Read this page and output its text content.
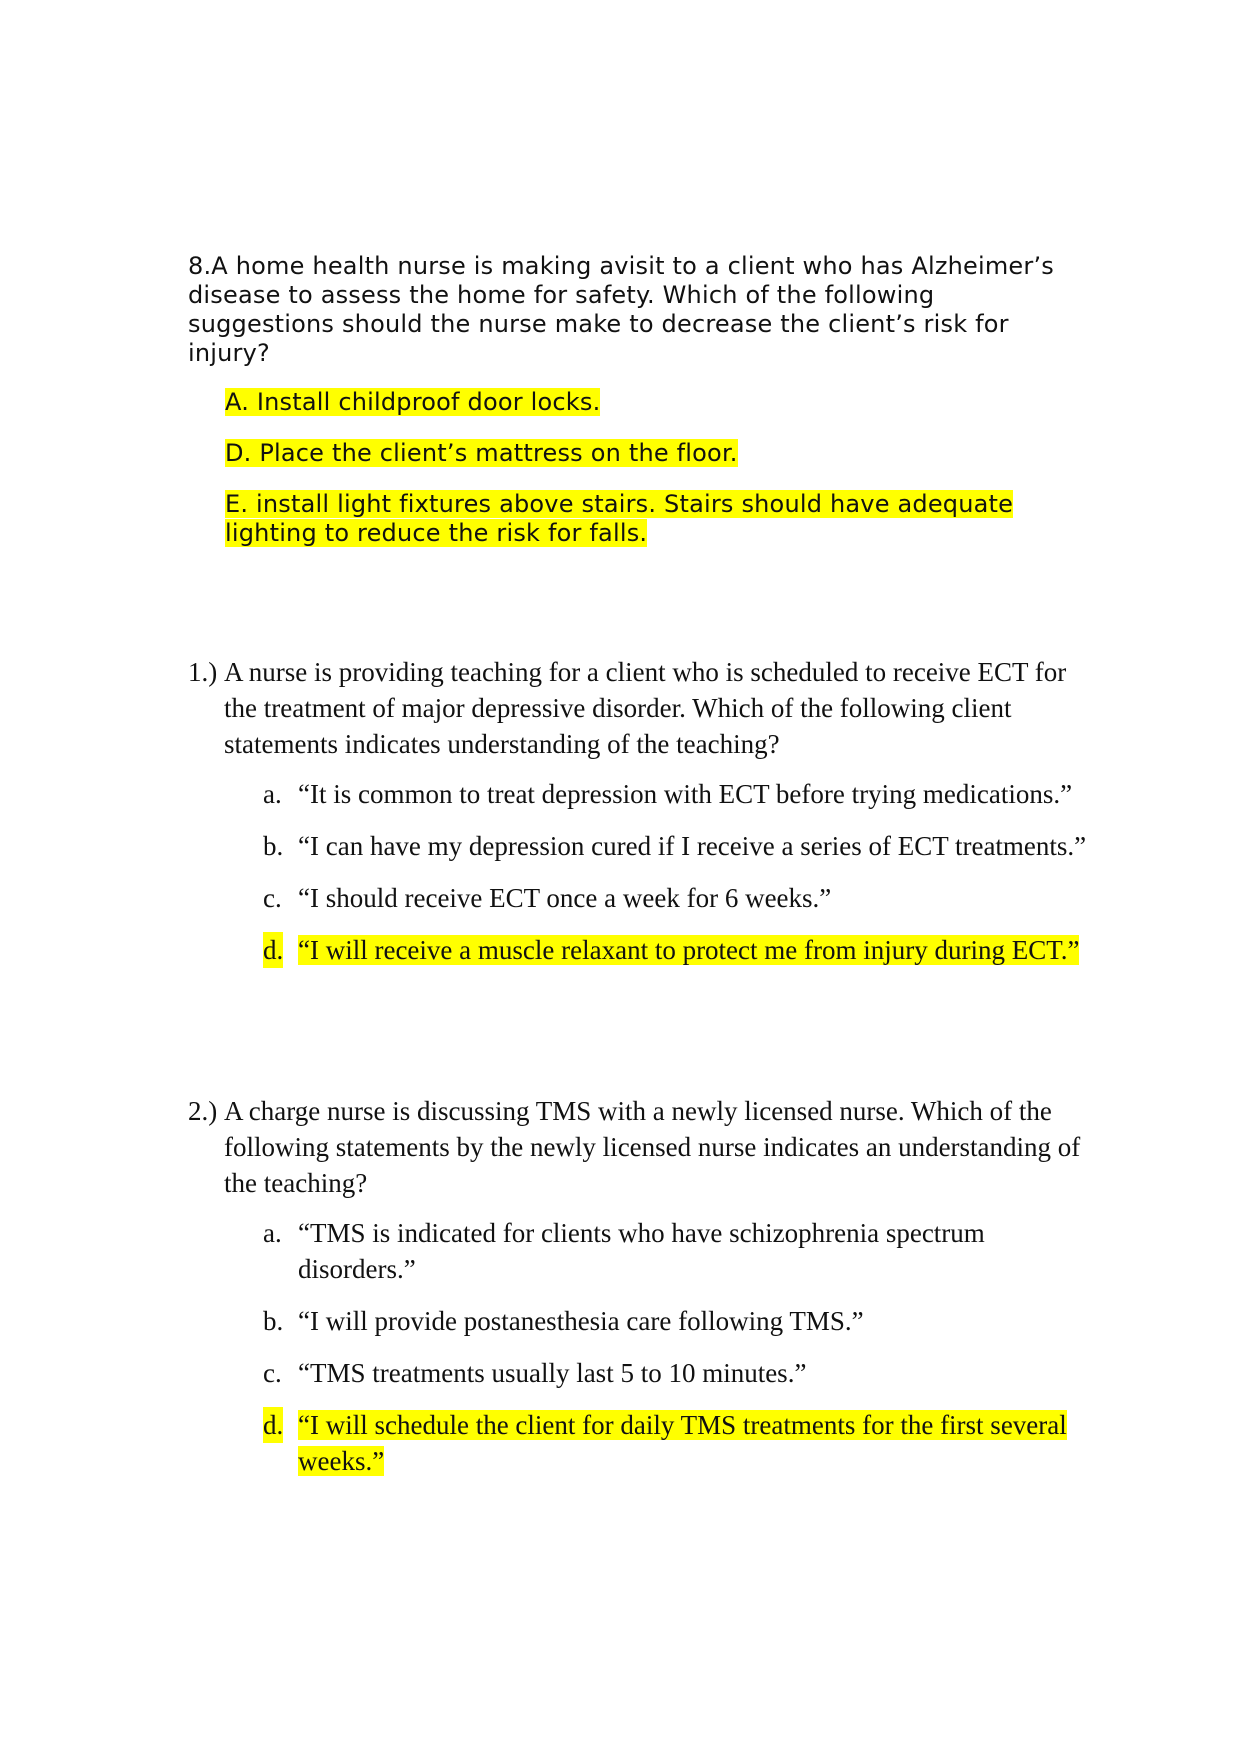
8.A home health nurse is making avisit to a client who has Alzheimer’s disease to assess the home for safety. Which of the following suggestions should the nurse make to decrease the client’s risk for injury?

A. Install childproof door locks.

D. Place the client’s mattress on the floor.

E. install light fixtures above stairs. Stairs should have adequate lighting to reduce the risk for falls.

1.) A nurse is providing teaching for a client who is scheduled to receive ECT for the treatment of major depressive disorder. Which of the following client statements indicates understanding of the teaching?

a. “It is common to treat depression with ECT before trying medications.”
b. “I can have my depression cured if I receive a series of ECT treatments.”
c. “I should receive ECT once a week for 6 weeks.”
d. “I will receive a muscle relaxant to protect me from injury during ECT.”
2.) A charge nurse is discussing TMS with a newly licensed nurse. Which of the following statements by the newly licensed nurse indicates an understanding of the teaching?

a. “TMS is indicated for clients who have schizophrenia spectrum disorders.”
b. “I will provide postanesthesia care following TMS.”
c. “TMS treatments usually last 5 to 10 minutes.”
d. “I will schedule the client for daily TMS treatments for the first several weeks.”
